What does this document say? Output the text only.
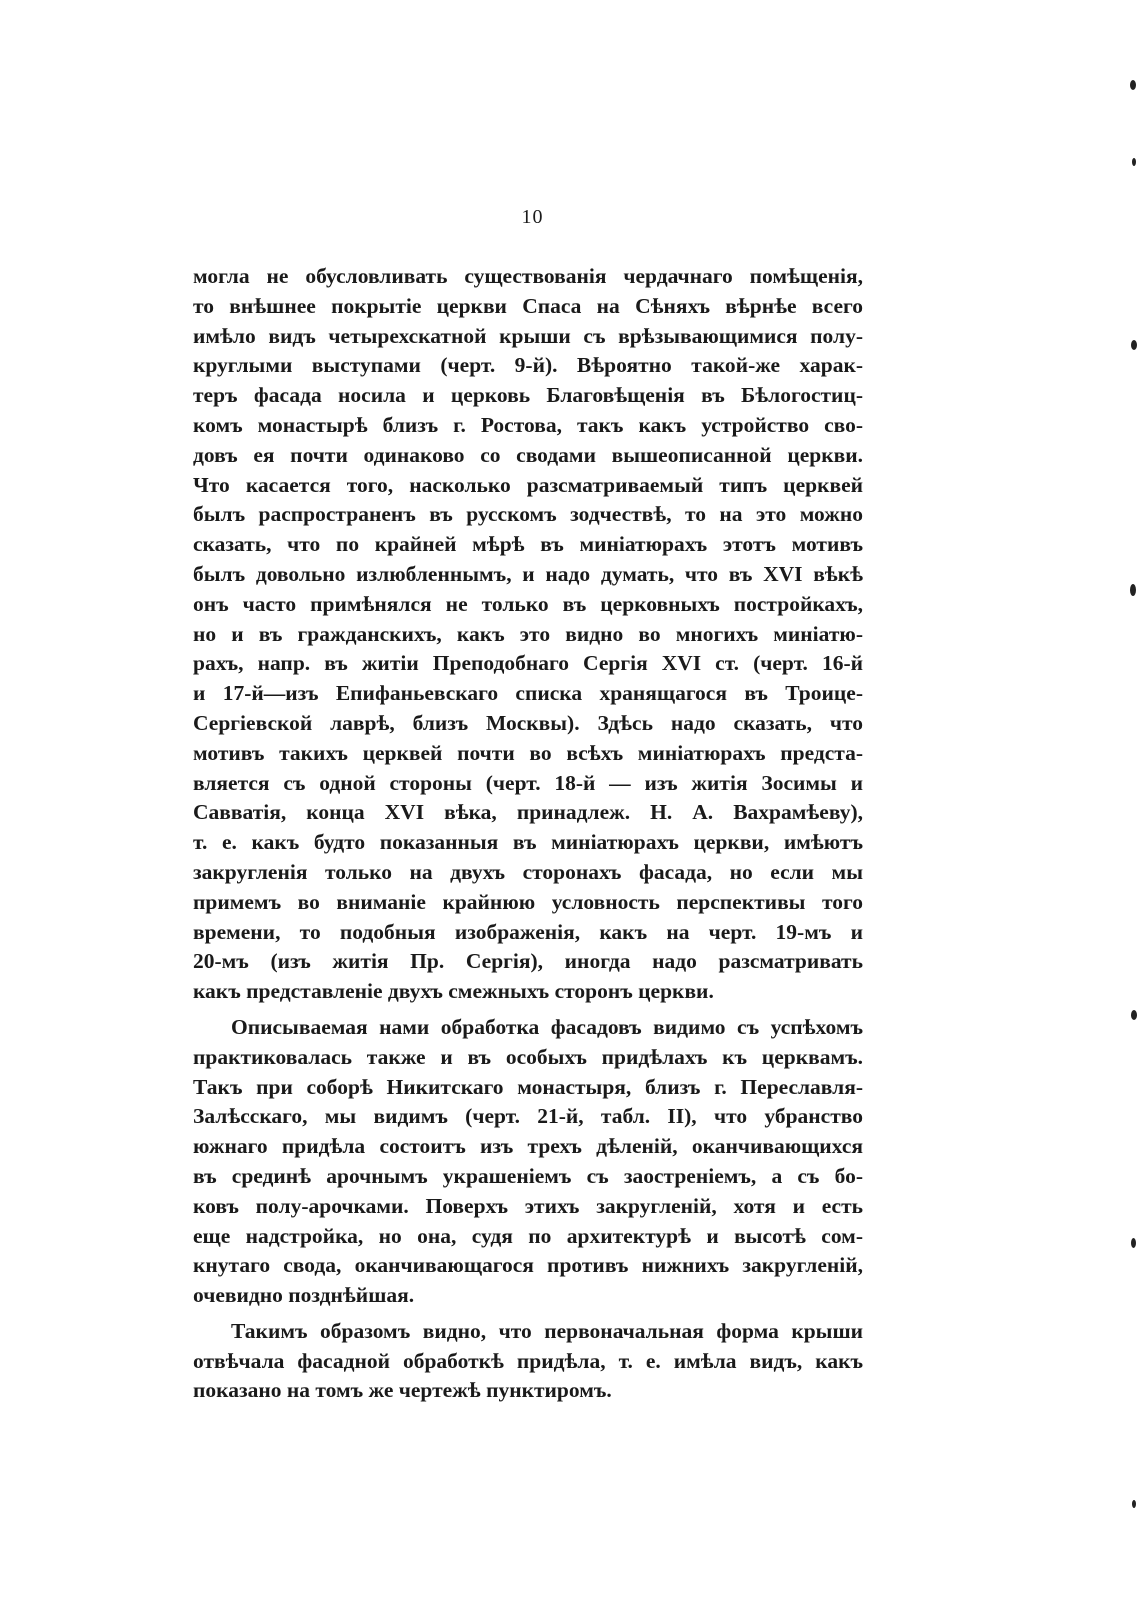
10
могла не обусловливать существованія чердачнаго помѣщенія,
то внѣшнее покрытіе церкви Спаса на Сѣняхъ вѣрнѣе всего
имѣло видъ четырехскатной крыши съ врѣзывающимися полу-
круглыми выступами (черт. 9-й). Вѣроятно такой-же харак-
теръ фасада носила и церковь Благовѣщенія въ Бѣлогостиц-
комъ монастырѣ близъ г. Ростова, такъ какъ устройство сво-
довъ ея почти одинаково со сводами вышеописанной церкви.
Что касается того, насколько разсматриваемый типъ церквей
былъ распространенъ въ русскомъ зодчествѣ, то на это можно
сказать, что по крайней мѣрѣ въ миніатюрахъ этотъ мотивъ
былъ довольно излюбленнымъ, и надо думать, что въ XVI вѣкѣ
онъ часто примѣнялся не только въ церковныхъ постройкахъ,
но и въ гражданскихъ, какъ это видно во многихъ миніатю-
рахъ, напр. въ житіи Преподобнаго Сергія XVI ст. (черт. 16-й
и 17-й—изъ Епифаньевскаго списка хранящагося въ Троице-
Сергіевской лаврѣ, близъ Москвы). Здѣсь надо сказать, что
мотивъ такихъ церквей почти во всѣхъ миніатюрахъ предста-
вляется съ одной стороны (черт. 18-й — изъ житія Зосимы и
Савватія, конца XVI вѣка, принадлеж. Н. А. Вахрамѣеву),
т. е. какъ будто показанныя въ миніатюрахъ церкви, имѣютъ
закругленія только на двухъ сторонахъ фасада, но если мы
примемъ во вниманіе крайнюю условность перспективы того
времени, то подобныя изображенія, какъ на черт. 19-мъ и
20-мъ (изъ житія Пр. Сергія), иногда надо разсматривать
какъ представленіе двухъ смежныхъ сторонъ церкви.
Описываемая нами обработка фасадовъ видимо съ успѣхомъ
практиковалась также и въ особыхъ придѣлахъ къ церквамъ.
Такъ при соборѣ Никитскаго монастыря, близъ г. Переславля-
Залѣсскаго, мы видимъ (черт. 21-й, табл. II), что убранство
южнаго придѣла состоитъ изъ трехъ дѣленій, оканчивающихся
въ срединѣ арочнымъ украшеніемъ съ заостреніемъ, а съ бо-
ковъ полу-арочками. Поверхъ этихъ закругленій, хотя и есть
еще надстройка, но она, судя по архитектурѣ и высотѣ сом-
кнутаго свода, оканчивающагося противъ нижнихъ закругленій,
очевидно позднѣйшая.
Такимъ образомъ видно, что первоначальная форма крыши
отвѣчала фасадной обработкѣ придѣла, т. е. имѣла видъ, какъ
показано на томъ же чертежѣ пунктиромъ.
